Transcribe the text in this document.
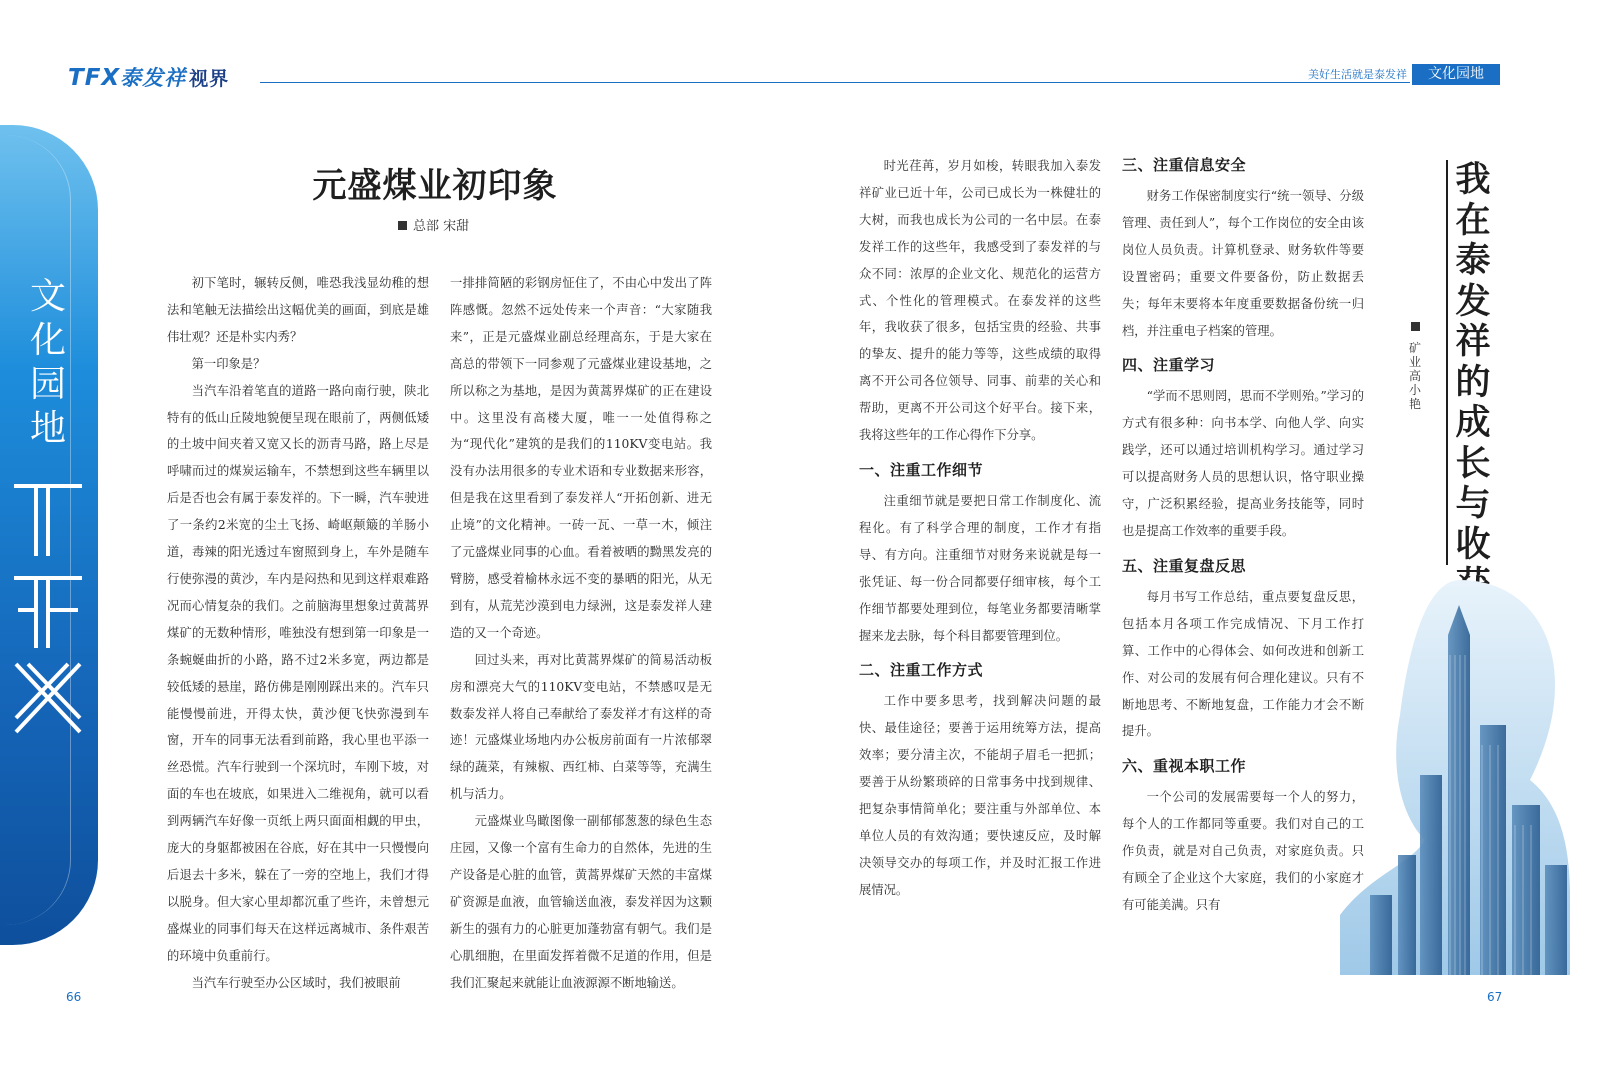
TFX泰发祥 视界	美好生活就是泰发祥	文化园地
文化园地
元盛煤业初印象
总部 宋甜

初下笔时，辗转反侧，唯恐我浅显幼稚的想法和笔触无法描绘出这幅优美的画面，到底是雄伟壮观？还是朴实内秀？

第一印象是？

当汽车沿着笔直的道路一路向南行驶，陕北特有的低山丘陵地貌便呈现在眼前了，两侧低矮的土坡中间夹着又宽又长的沥青马路，路上尽是呼啸而过的煤炭运输车，不禁想到这些车辆里以后是否也会有属于泰发祥的。下一瞬，汽车驶进了一条约2米宽的尘土飞扬、崎岖颠簸的羊肠小道，毒辣的阳光透过车窗照到身上，车外是随车行使弥漫的黄沙，车内是闷热和见到这样艰难路况而心情复杂的我们。之前脑海里想象过黄蒿界煤矿的无数种情形，唯独没有想到第一印象是一条蜿蜒曲折的小路，路不过2米多宽，两边都是较低矮的悬崖，路仿佛是刚刚踩出来的。汽车只能慢慢前进，开得太快，黄沙便飞快弥漫到车窗，开车的同事无法看到前路，我心里也平添一丝恐慌。汽车行驶到一个深坑时，车刚下坡，对面的车也在坡底，如果进入二维视角，就可以看到两辆汽车好像一页纸上两只面面相觑的甲虫，庞大的身躯都被困在谷底，好在其中一只慢慢向后退去十多米，躲在了一旁的空地上，我们才得以脱身。但大家心里却都沉重了些许，未曾想元盛煤业的同事们每天在这样远离城市、条件艰苦的环境中负重前行。

当汽车行驶至办公区域时，我们被眼前

一排排简陋的彩钢房怔住了，不由心中发出了阵阵感慨。忽然不远处传来一个声音：“大家随我来”，正是元盛煤业副总经理高东，于是大家在高总的带领下一同参观了元盛煤业建设基地，之所以称之为基地，是因为黄蒿界煤矿的正在建设中。这里没有高楼大厦，唯一一处值得称之为“现代化”建筑的是我们的110KV变电站。我没有办法用很多的专业术语和专业数据来形容，但是我在这里看到了泰发祥人“开拓创新、进无止境”的文化精神。一砖一瓦、一草一木，倾注了元盛煤业同事的心血。看着被晒的黝黑发亮的臂膀，感受着榆林永远不变的暴晒的阳光，从无到有，从荒芜沙漠到电力绿洲，这是泰发祥人建造的又一个奇迹。

回过头来，再对比黄蒿界煤矿的简易活动板房和漂亮大气的110KV变电站，不禁感叹是无数泰发祥人将自己奉献给了泰发祥才有这样的奇迹！元盛煤业场地内办公板房前面有一片浓郁翠绿的蔬菜，有辣椒、西红柿、白菜等等，充满生机与活力。

元盛煤业鸟瞰图像一副郁郁葱葱的绿色生态庄园，又像一个富有生命力的自然体，先进的生产设备是心脏的血管，黄蒿界煤矿天然的丰富煤矿资源是血液，血管输送血液，泰发祥因为这颗新生的强有力的心脏更加蓬勃富有朝气。我们是心肌细胞，在里面发挥着微不足道的作用，但是我们汇聚起来就能让血液源源不断地输送。

时光荏苒，岁月如梭，转眼我加入泰发祥矿业已近十年，公司已成长为一株健壮的大树，而我也成长为公司的一名中层。在泰发祥工作的这些年，我感受到了泰发祥的与众不同：浓厚的企业文化、规范化的运营方式、个性化的管理模式。在泰发祥的这些年，我收获了很多，包括宝贵的经验、共事的挚友、提升的能力等等，这些成绩的取得离不开公司各位领导、同事、前辈的关心和帮助，更离不开公司这个好平台。接下来，我将这些年的工作心得作下分享。

一、注重工作细节

注重细节就是要把日常工作制度化、流程化。有了科学合理的制度，工作才有指导、有方向。注重细节对财务来说就是每一张凭证、每一份合同都要仔细审核，每个工作细节都要处理到位，每笔业务都要清晰掌握来龙去脉，每个科目都要管理到位。

二、注重工作方式

工作中要多思考，找到解决问题的最快、最佳途径；要善于运用统筹方法，提高效率；要分清主次，不能胡子眉毛一把抓；要善于从纷繁琐碎的日常事务中找到规律、把复杂事情简单化；要注重与外部单位、本单位人员的有效沟通；要快速反应，及时解决领导交办的每项工作，并及时汇报工作进展情况。

三、注重信息安全

财务工作保密制度实行“统一领导、分级管理、责任到人”，每个工作岗位的安全由该岗位人员负责。计算机登录、财务软件等要设置密码；重要文件要备份，防止数据丢失；每年末要将本年度重要数据备份统一归档，并注重电子档案的管理。

四、注重学习

“学而不思则罔，思而不学则殆。”学习的方式有很多种：向书本学、向他人学、向实践学，还可以通过培训机构学习。通过学习可以提高财务人员的思想认识，恪守职业操守，广泛积累经验，提高业务技能等，同时也是提高工作效率的重要手段。

五、注重复盘反思

每月书写工作总结，重点要复盘反思，包括本月各项工作完成情况、下月工作打算、工作中的心得体会、如何改进和创新工作、对公司的发展有何合理化建议。只有不断地思考、不断地复盘，工作能力才会不断提升。

六、重视本职工作

一个公司的发展需要每一个人的努力，每个人的工作都同等重要。我们对自己的工作负责，就是对自己负责，对家庭负责。只有顾全了企业这个大家庭，我们的小家庭才有可能美满。只有

我在泰发祥的成长与收
矿业 高小艳
66	67
